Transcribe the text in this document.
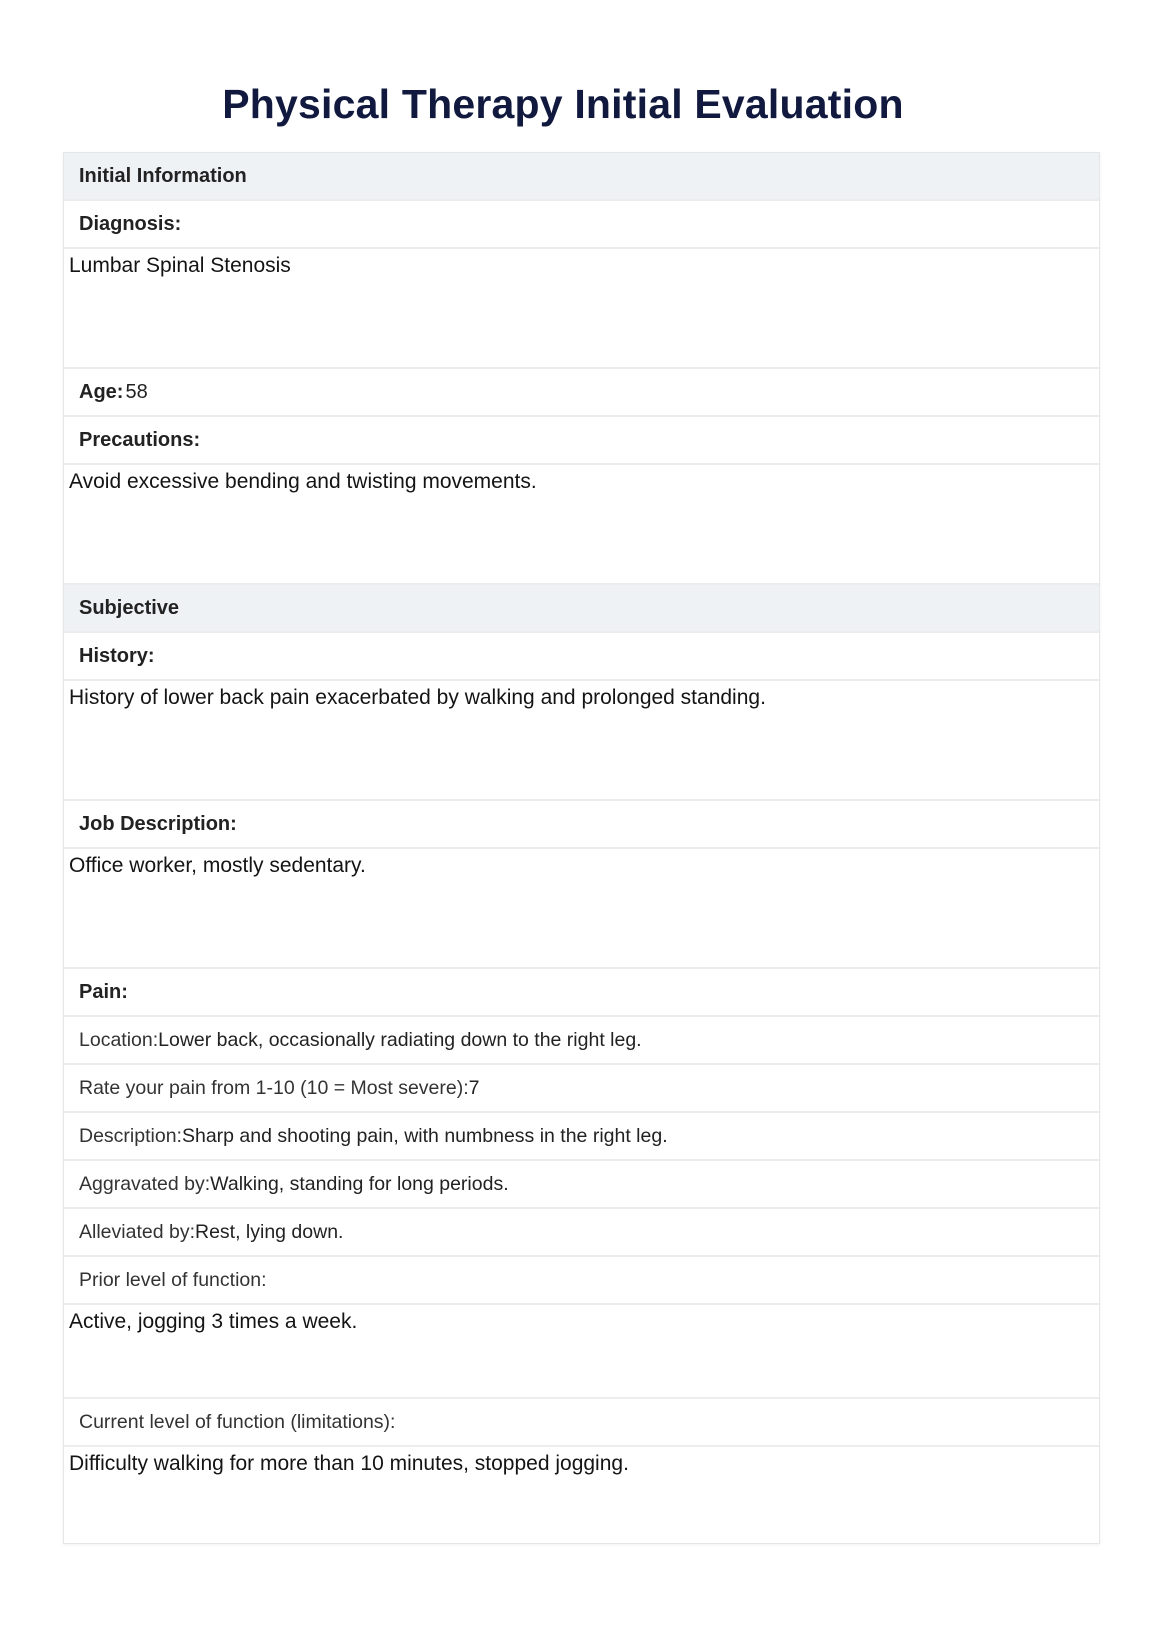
Physical Therapy Initial Evaluation
Initial Information
Diagnosis:
Lumbar Spinal Stenosis
Age: 58
Precautions:
Avoid excessive bending and twisting movements.
Subjective
History:
History of lower back pain exacerbated by walking and prolonged standing.
Job Description:
Office worker, mostly sedentary.
Pain:
Location: Lower back, occasionally radiating down to the right leg.
Rate your pain from 1-10 (10 = Most severe): 7
Description: Sharp and shooting pain, with numbness in the right leg.
Aggravated by: Walking, standing for long periods.
Alleviated by: Rest, lying down.
Prior level of function:
Active, jogging 3 times a week.
Current level of function (limitations):
Difficulty walking for more than 10 minutes, stopped jogging.
